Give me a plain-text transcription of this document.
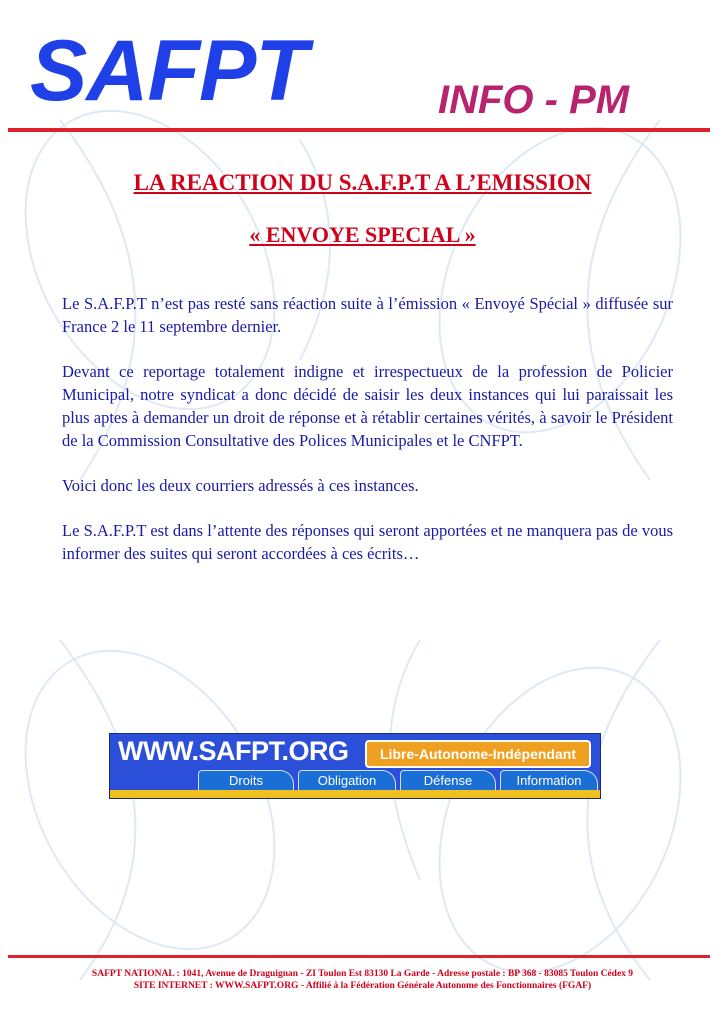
SAFPT	INFO - PM
LA REACTION DU S.A.F.P.T A L’EMISSION
« ENVOYE SPECIAL »

Le S.A.F.P.T n’est pas resté sans réaction suite à l’émission « Envoyé Spécial » diffusée sur France 2 le 11 septembre dernier.

Devant ce reportage totalement indigne et irrespectueux de la profession de Policier Municipal, notre syndicat a donc décidé de saisir les deux instances qui lui paraissait les plus aptes à demander un droit de réponse et à rétablir certaines vérités, à savoir le Président de la Commission Consultative des Polices Municipales et le CNFPT.

Voici donc les deux courriers adressés à ces instances.

Le S.A.F.P.T est dans l’attente des réponses qui seront apportées et ne manquera pas de vous informer des suites qui seront accordées à ces écrits…

WWW.SAFPT.ORG	Libre-Autonome-Indépendant
Droits	Obligation	Défense	Information
SAFPT NATIONAL : 1041, Avenue de Draguignan - ZI Toulon Est 83130 La Garde - Adresse postale : BP 368 - 83085 Toulon Cédex 9
SITE INTERNET : WWW.SAFPT.ORG - Affilié à la Fédération Générale Autonome des Fonctionnaires (FGAF)
